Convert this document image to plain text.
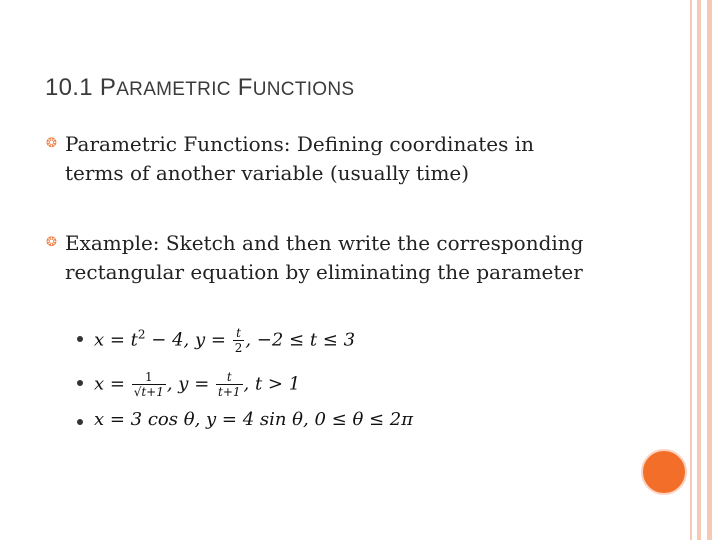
10.1 PARAMETRIC FUNCTIONS
❂ Parametric Functions: Defining coordinates in terms of another variable (usually time)
❂ Example: Sketch and then write the corresponding rectangular equation by eliminating the parameter
$x = t^2 - 4$, $y = \frac{t}{2}$ , −2 ≤ t ≤ 3
$x = \frac{1}{√t+1}$ , $y = \frac{t}{t+1}$ , t > 1
x = 3 cos θ, y = 4 sin θ, 0 ≤ θ ≤ 2π
